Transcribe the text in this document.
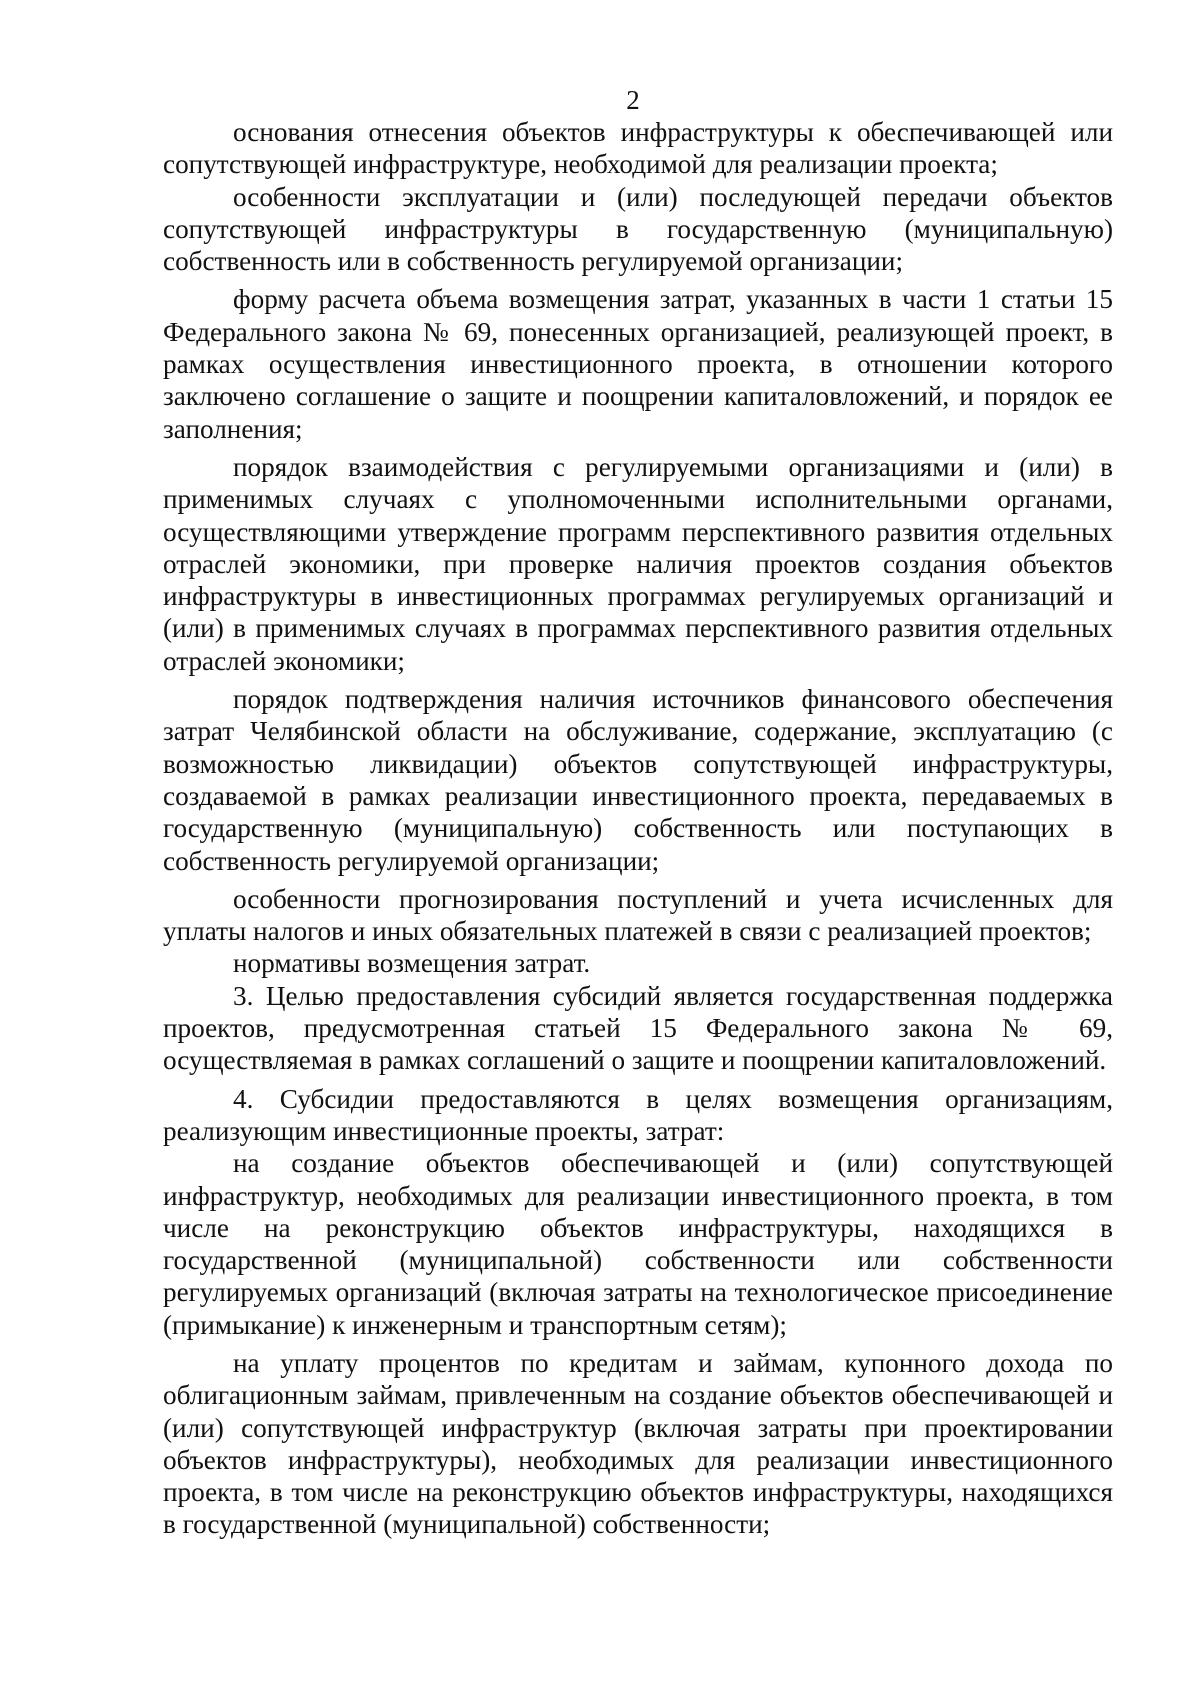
2

основания отнесения объектов инфраструктуры к обеспечивающей или сопутствующей инфраструктуре, необходимой для реализации проекта;

особенности эксплуатации и (или) последующей передачи объектов сопутствующей инфраструктуры в государственную (муниципальную) собственность или в собственность регулируемой организации;

форму расчета объема возмещения затрат, указанных в части 1 статьи 15 Федерального закона № 69, понесенных организацией, реализующей проект, в рамках осуществления инвестиционного проекта, в отношении которого заключено соглашение о защите и поощрении капиталовложений, и порядок ее заполнения;

порядок взаимодействия с регулируемыми организациями и (или) в применимых случаях с уполномоченными исполнительными органами, осуществляющими утверждение программ перспективного развития отдельных отраслей экономики, при проверке наличия проектов создания объектов инфраструктуры в инвестиционных программах регулируемых организаций и (или) в применимых случаях в программах перспективного развития отдельных отраслей экономики;

порядок подтверждения наличия источников финансового обеспечения затрат Челябинской области на обслуживание, содержание, эксплуатацию (с возможностью ликвидации) объектов сопутствующей инфраструктуры, создаваемой в рамках реализации инвестиционного проекта, передаваемых в государственную (муниципальную) собственность или поступающих в собственность регулируемой организации;

особенности прогнозирования поступлений и учета исчисленных для уплаты налогов и иных обязательных платежей в связи с реализацией проектов;

нормативы возмещения затрат.

3. Целью предоставления субсидий является государственная поддержка проектов, предусмотренная статьей 15 Федерального закона № 69, осуществляемая в рамках соглашений о защите и поощрении капиталовложений.

4. Субсидии предоставляются в целях возмещения организациям, реализующим инвестиционные проекты, затрат:

на создание объектов обеспечивающей и (или) сопутствующей инфраструктур, необходимых для реализации инвестиционного проекта, в том числе на реконструкцию объектов инфраструктуры, находящихся в государственной (муниципальной) собственности или собственности регулируемых организаций (включая затраты на технологическое присоединение (примыкание) к инженерным и транспортным сетям);

на уплату процентов по кредитам и займам, купонного дохода по облигационным займам, привлеченным на создание объектов обеспечивающей и (или) сопутствующей инфраструктур (включая затраты при проектировании объектов инфраструктуры), необходимых для реализации инвестиционного проекта, в том числе на реконструкцию объектов инфраструктуры, находящихся в государственной (муниципальной) собственности;
